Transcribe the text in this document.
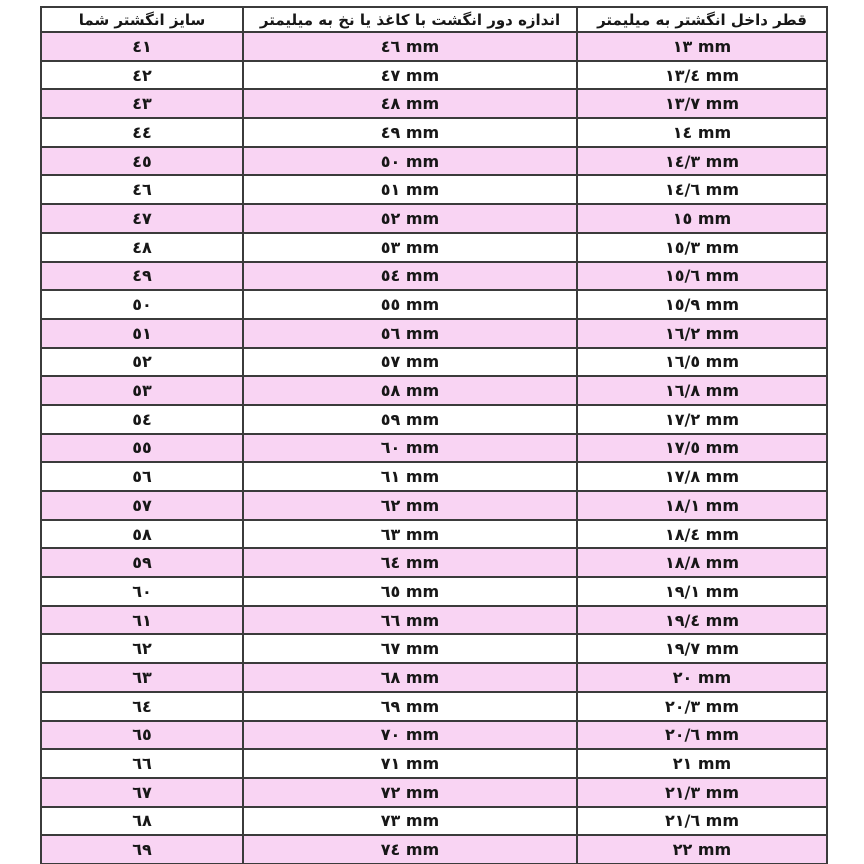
قطر داخل انگشتر به میلیمتر	اندازه دور انگشت با کاغذ یا نخ به میلیمتر	سایز انگشتر شما
١٣ mm	٤٦ mm	٤١
١٣/٤ mm	٤٧ mm	٤٢
١٣/٧ mm	٤٨ mm	٤٣
١٤ mm	٤٩ mm	٤٤
١٤/٣ mm	٥٠ mm	٤٥
١٤/٦ mm	٥١ mm	٤٦
١٥ mm	٥٢ mm	٤٧
١٥/٣ mm	٥٣ mm	٤٨
١٥/٦ mm	٥٤ mm	٤٩
١٥/٩ mm	٥٥ mm	٥٠
١٦/٢ mm	٥٦ mm	٥١
١٦/٥ mm	٥٧ mm	٥٢
١٦/٨ mm	٥٨ mm	٥٣
١٧/٢ mm	٥٩ mm	٥٤
١٧/٥ mm	٦٠ mm	٥٥
١٧/٨ mm	٦١ mm	٥٦
١٨/١ mm	٦٢ mm	٥٧
١٨/٤ mm	٦٣ mm	٥٨
١٨/٨ mm	٦٤ mm	٥٩
١٩/١ mm	٦٥ mm	٦٠
١٩/٤ mm	٦٦ mm	٦١
١٩/٧ mm	٦٧ mm	٦٢
٢٠ mm	٦٨ mm	٦٣
٢٠/٣ mm	٦٩ mm	٦٤
٢٠/٦ mm	٧٠ mm	٦٥
٢١ mm	٧١ mm	٦٦
٢١/٣ mm	٧٢ mm	٦٧
٢١/٦ mm	٧٣ mm	٦٨
٢٢ mm	٧٤ mm	٦٩
